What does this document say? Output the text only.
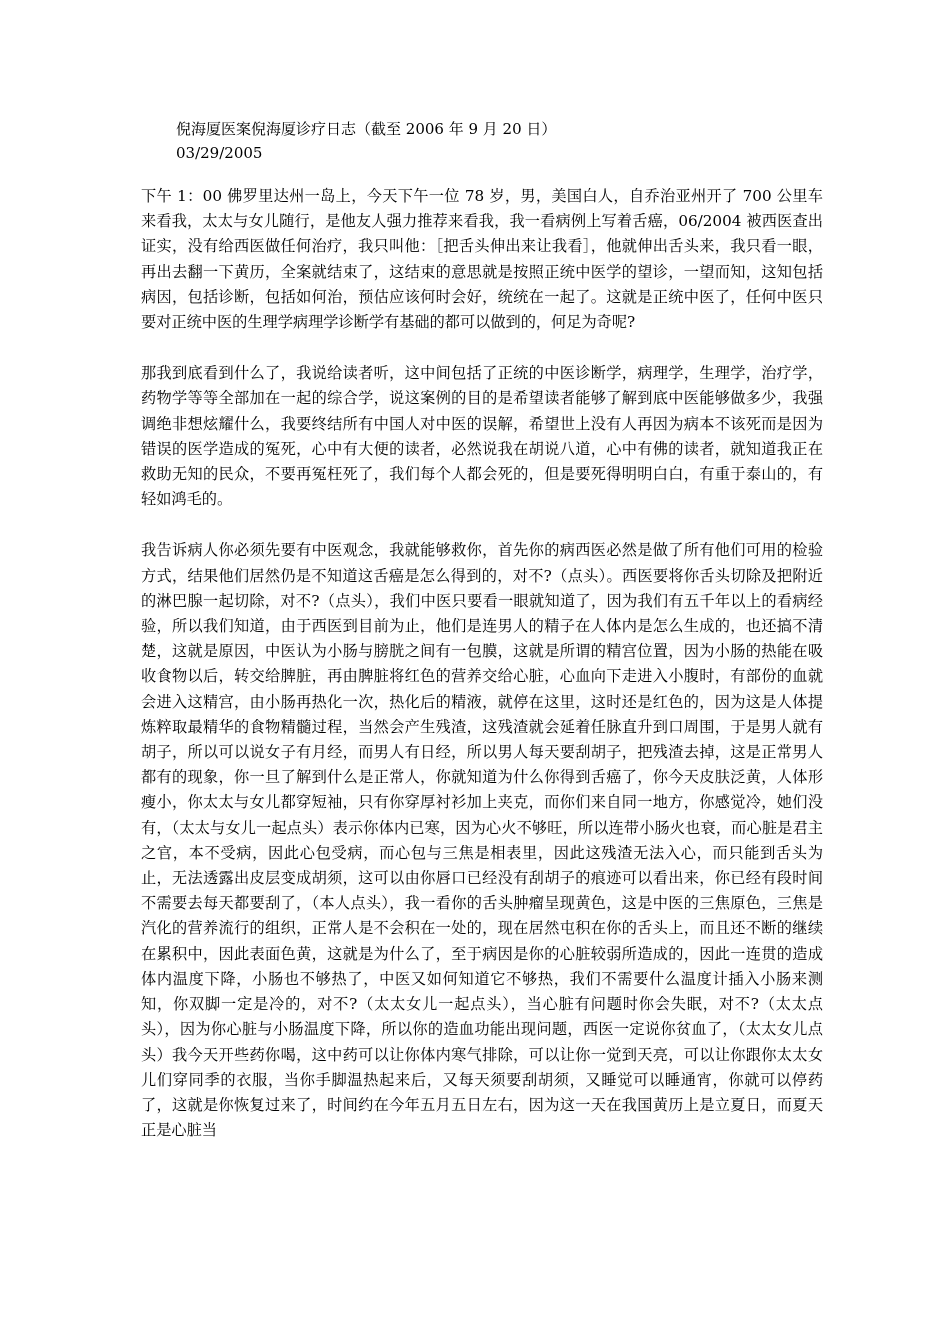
倪海厦医案倪海厦诊疗日志（截至 2006 年 9 月 20 日）
03/29/2005

下午 1：00 佛罗里达州一岛上，今天下午一位 78 岁，男，美国白人，自乔治亚州开了 700 公里车来看我，太太与女儿随行，是他友人强力推荐来看我，我一看病例上写着舌癌，06/2004 被西医查出证实，没有给西医做任何治疗，我只叫他：［把舌头伸出来让我看］，他就伸出舌头来，我只看一眼，再出去翻一下黄历，全案就结束了，这结束的意思就是按照正统中医学的望诊，一望而知，这知包括病因，包括诊断，包括如何治，预估应该何时会好，统统在一起了。这就是正统中医了，任何中医只要对正统中医的生理学病理学诊断学有基础的都可以做到的，何足为奇呢?

那我到底看到什么了，我说给读者听，这中间包括了正统的中医诊断学，病理学，生理学，治疗学，药物学等等全部加在一起的综合学，说这案例的目的是希望读者能够了解到底中医能够做多少，我强调绝非想炫耀什么，我要终结所有中国人对中医的误解，希望世上没有人再因为病本不该死而是因为错误的医学造成的冤死，心中有大便的读者，必然说我在胡说八道，心中有佛的读者，就知道我正在救助无知的民众，不要再冤枉死了，我们每个人都会死的，但是要死得明明白白，有重于泰山的，有轻如鸿毛的。

我告诉病人你必须先要有中医观念，我就能够救你，首先你的病西医必然是做了所有他们可用的检验方式，结果他们居然仍是不知道这舌癌是怎么得到的，对不?（点头）。西医要将你舌头切除及把附近的淋巴腺一起切除，对不?（点头），我们中医只要看一眼就知道了，因为我们有五千年以上的看病经验，所以我们知道，由于西医到目前为止，他们是连男人的精子在人体内是怎么生成的，也还搞不清楚，这就是原因，中医认为小肠与膀胱之间有一包膜，这就是所谓的精宫位置，因为小肠的热能在吸收食物以后，转交给脾脏，再由脾脏将红色的营养交给心脏，心血向下走进入小腹时，有部份的血就会进入这精宫，由小肠再热化一次，热化后的精液，就停在这里，这时还是红色的，因为这是人体提炼粹取最精华的食物精髓过程，当然会产生残渣，这残渣就会延着任脉直升到口周围，于是男人就有胡子，所以可以说女子有月经，而男人有日经，所以男人每天要刮胡子，把残渣去掉，这是正常男人都有的现象，你一旦了解到什么是正常人，你就知道为什么你得到舌癌了，你今天皮肤泛黄，人体形瘦小，你太太与女儿都穿短袖，只有你穿厚衬衫加上夹克，而你们来自同一地方，你感觉冷，她们没有，（太太与女儿一起点头）表示你体内已寒，因为心火不够旺，所以连带小肠火也衰，而心脏是君主之官，本不受病，因此心包受病，而心包与三焦是相表里，因此这残渣无法入心，而只能到舌头为止，无法透露出皮层变成胡须，这可以由你唇口已经没有刮胡子的痕迹可以看出来，你已经有段时间不需要去每天都要刮了，（本人点头），我一看你的舌头肿瘤呈现黄色，这是中医的三焦原色，三焦是汽化的营养流行的组织，正常人是不会积在一处的，现在居然屯积在你的舌头上，而且还不断的继续在累积中，因此表面色黄，这就是为什么了，至于病因是你的心脏较弱所造成的，因此一连贯的造成体内温度下降，小肠也不够热了，中医又如何知道它不够热，我们不需要什么温度计插入小肠来测知，你双脚一定是冷的，对不?（太太女儿一起点头），当心脏有问题时你会失眠，对不?（太太点头），因为你心脏与小肠温度下降，所以你的造血功能出现问题，西医一定说你贫血了，（太太女儿点头）我今天开些药你喝，这中药可以让你体内寒气排除，可以让你一觉到天亮，可以让你跟你太太女儿们穿同季的衣服，当你手脚温热起来后，又每天须要刮胡须，又睡觉可以睡通宵，你就可以停药了，这就是你恢复过来了，时间约在今年五月五日左右，因为这一天在我国黄历上是立夏日，而夏天正是心脏当
